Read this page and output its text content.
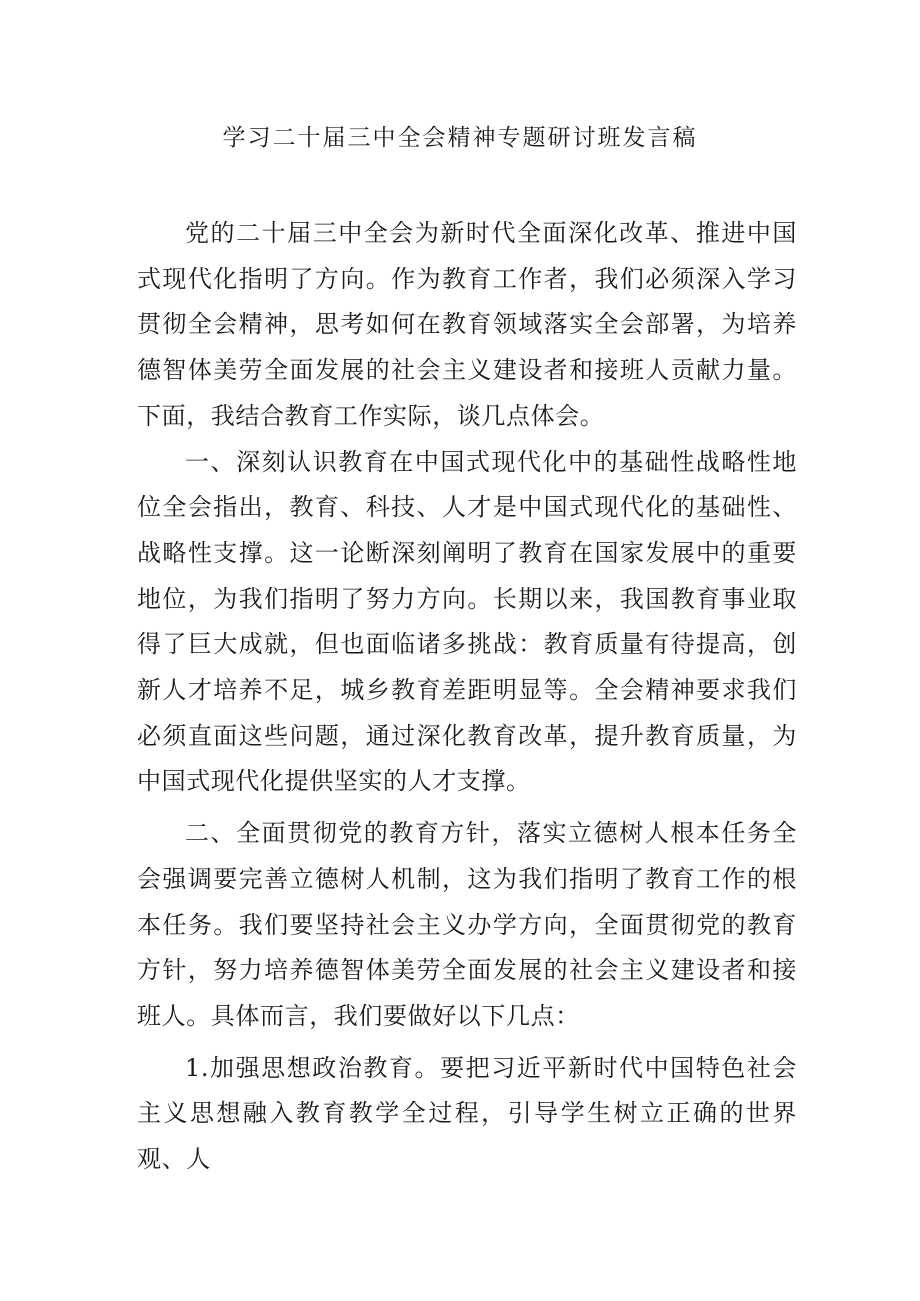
学习二十届三中全会精神专题研讨班发言稿

党的二十届三中全会为新时代全面深化改革、推进中国式现代化指明了方向。作为教育工作者，我们必须深入学习贯彻全会精神，思考如何在教育领域落实全会部署，为培养德智体美劳全面发展的社会主义建设者和接班人贡献力量。下面，我结合教育工作实际，谈几点体会。

一、深刻认识教育在中国式现代化中的基础性战略性地位全会指出，教育、科技、人才是中国式现代化的基础性、战略性支撑。这一论断深刻阐明了教育在国家发展中的重要地位，为我们指明了努力方向。长期以来，我国教育事业取得了巨大成就，但也面临诸多挑战：教育质量有待提高，创新人才培养不足，城乡教育差距明显等。全会精神要求我们必须直面这些问题，通过深化教育改革，提升教育质量，为中国式现代化提供坚实的人才支撑。

二、全面贯彻党的教育方针，落实立德树人根本任务全会强调要完善立德树人机制，这为我们指明了教育工作的根本任务。我们要坚持社会主义办学方向，全面贯彻党的教育方针，努力培养德智体美劳全面发展的社会主义建设者和接班人。具体而言，我们要做好以下几点：

1.加强思想政治教育。要把习近平新时代中国特色社会主义思想融入教育教学全过程，引导学生树立正确的世界观、人
